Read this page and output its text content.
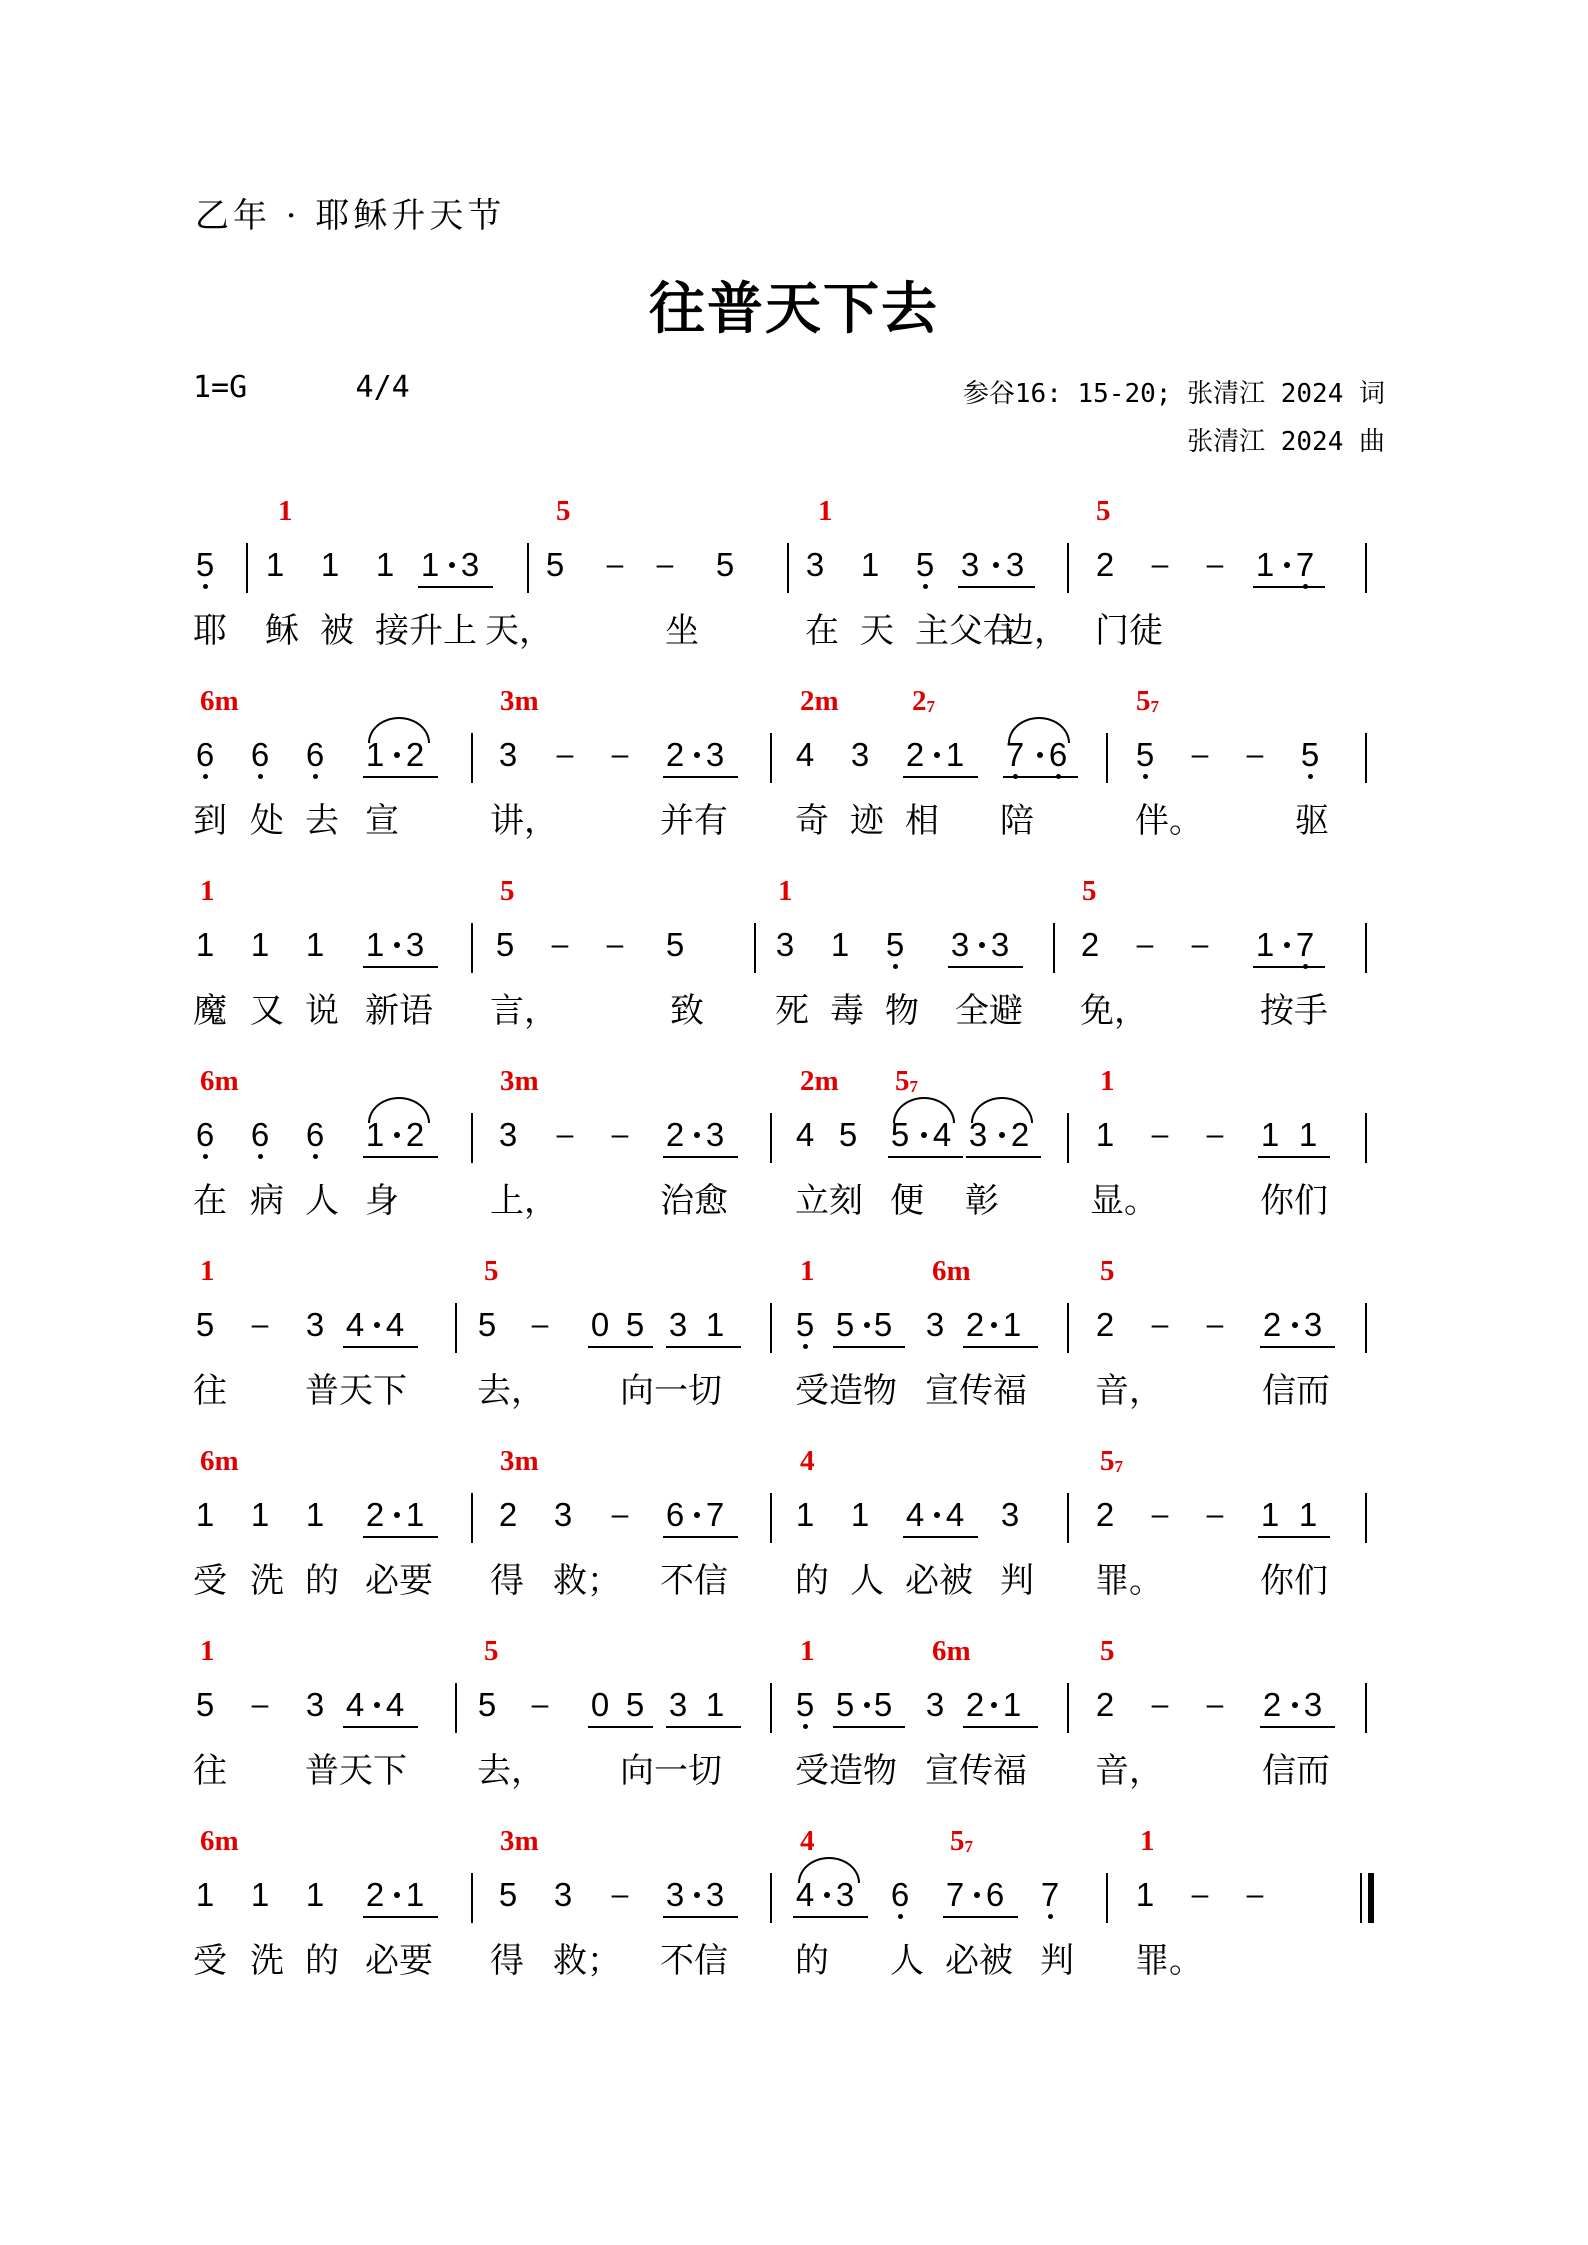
乙年 · 耶稣升天节
往普天下去
1=G      4/4	参谷16: 15-20; 张清江 2024 词
张清江 2024 曲
1	5	1	5
5 1 1 1 1 3 5 – – 5 3 1 5 3 3 2 – – 1 7
耶 稣 被 接升上 天，	坐	在 天 主父右
边， 门徒
6m	3m	2m	$2_7$	$5_7$
6 6 6 1 2 3 – – 2 3 4 3 2 1 7 6 5 – – 5
到 处 去 宣	讲，	并有 奇 迹 相 陪	伴。	驱
1	5	1	5
1 1 1 1 3 5 – – 5	3 1 5 3 3 2 – – 1 7
魔 又 说 新语 言，	致 死 毒 物 全避 免，	按手
6m	3m	2m $5_7$	1
6 6 6 1 2 3 – – 2 3 4 5 5 4 3 2 1 – – 1 1
在 病 人 身	上，	治愈 立刻 便 彰	显。	你们
1	5	1	6m	5
5 – 3 4 4 5 – 0 5 3 1 5 5 5 3 2 1 2 – – 2 3
往 普天下 去， 向一切 受造物 宣传福 音，	信而
6m	3m	4	$5_7$
1 1 1 2 1 2 3 – 6 7 1 1 4 4 3 2 – – 1 1
受 洗 的 必要 得 救； 不信 的 人 必被 判 罪。	你们
1	5	1	6m	5
5 – 3 4 4 5 – 0 5 3 1 5 5 5 3 2 1 2 – – 2 3
往 普天下 去， 向一切 受造物 宣传福 音，	信而
6m	3m	4	$5_7$	1
1 1 1 2 1 5 3 – 3 3 4 3 6 7 6 7 1 – –
受 洗 的 必要 得 救； 不信 的 人 必被 判 罪。
